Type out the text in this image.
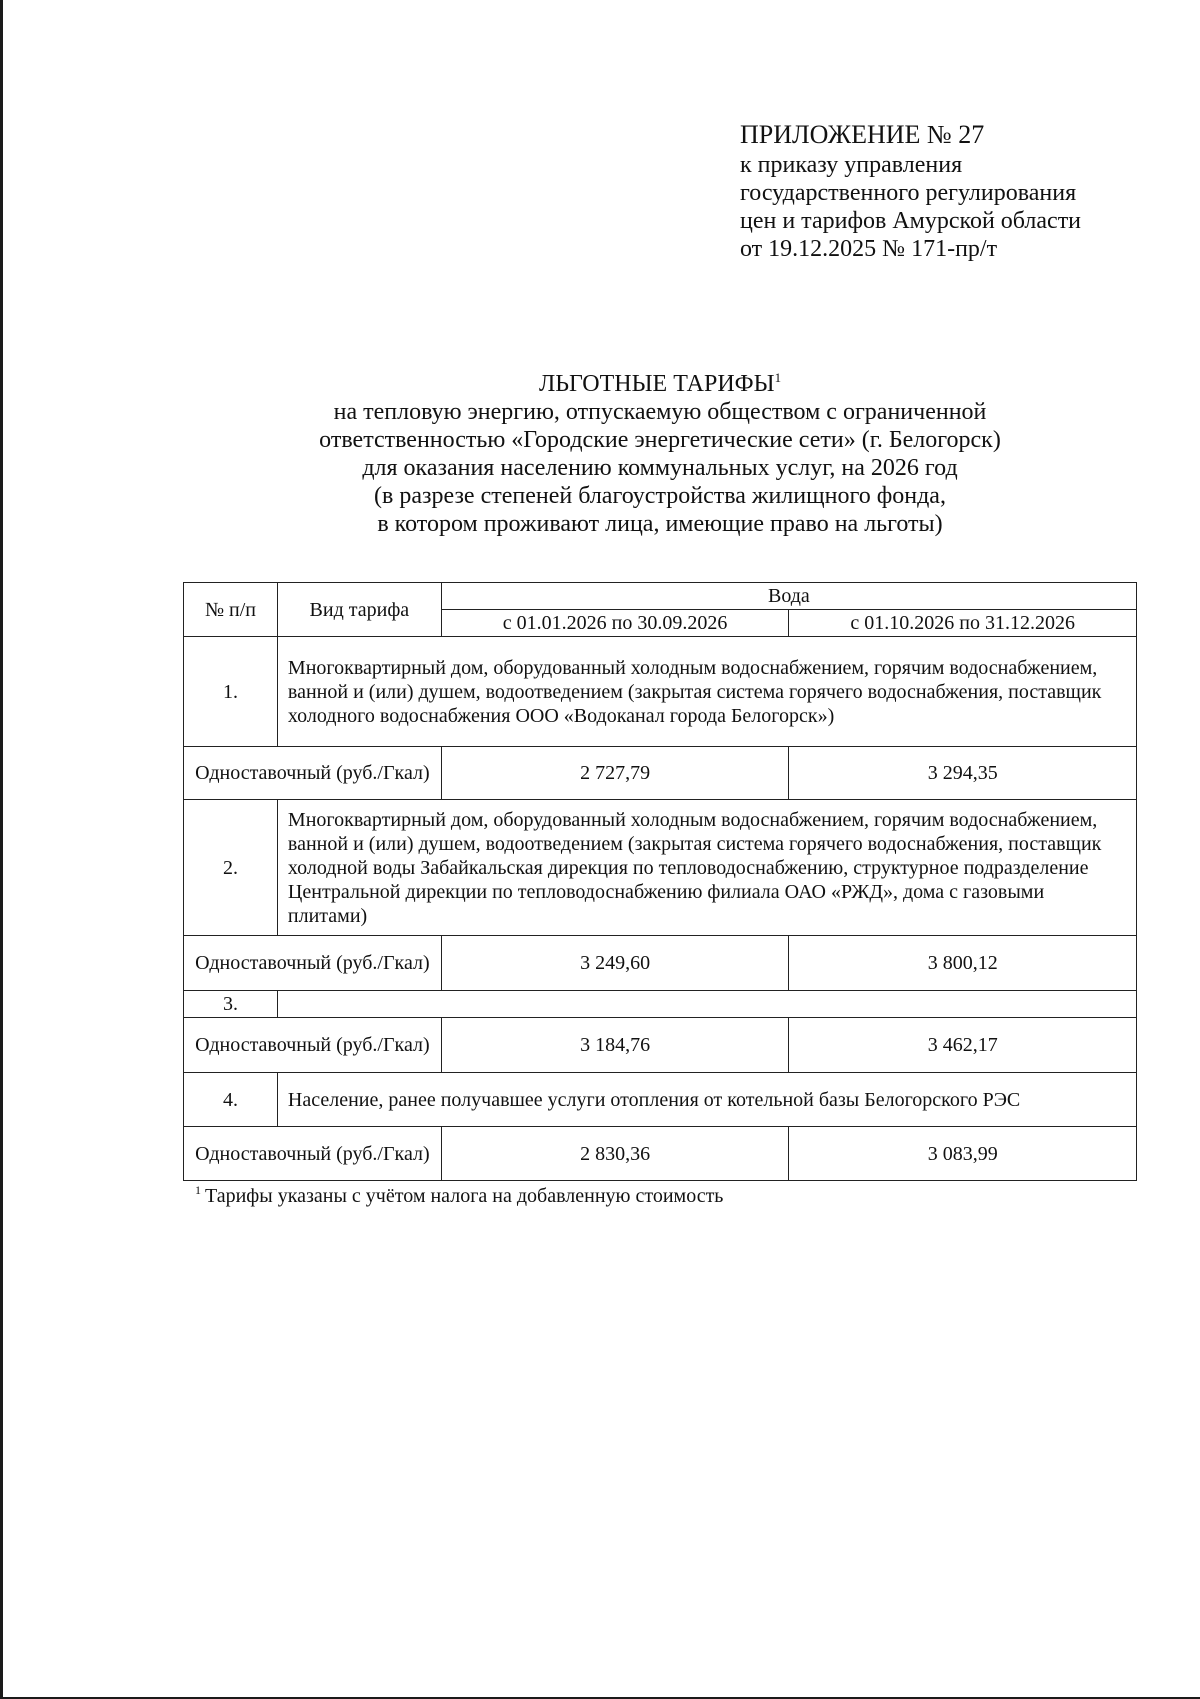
ПРИЛОЖЕНИЕ № 27
к приказу управления
государственного регулирования
цен и тарифов Амурской области
от 19.12.2025 № 171-пр/т
ЛЬГОТНЫЕ ТАРИФЫ$^1$
на тепловую энергию, отпускаемую обществом с ограниченной
ответственностью «Городские энергетические сети» (г. Белогорск)
для оказания населению коммунальных услуг, на 2026 год
(в разрезе степеней благоустройства жилищного фонда,
в котором проживают лица, имеющие право на льготы)
№ п/п	Вид тарифа	Вода	
		с 01.01.2026 по 30.09.2026	с 01.10.2026 по 31.12.2026
1.	Многоквартирный дом, оборудованный холодным водоснабжением, горячим водоснабжением, ванной и (или) душем, водоотведением (закрытая система горячего водоснабжения, поставщик холодного водоснабжения ООО «Водоканал города Белогорск»)		
Одноставочный (руб./Гкал)		2 727,79	3 294,35
2.	Многоквартирный дом, оборудованный холодным водоснабжением, горячим водоснабжением, ванной и (или) душем, водоотведением (закрытая система горячего водоснабжения, поставщик холодной воды Забайкальская дирекция по тепловодоснабжению, структурное подразделение Центральной дирекции по тепловодоснабжению филиала ОАО «РЖД», дома с газовыми плитами)		
Одноставочный (руб./Гкал)		3 249,60	3 800,12
3.			
Одноставочный (руб./Гкал)		3 184,76	3 462,17
4.	Население, ранее получавшее услуги отопления от котельной базы Белогорского РЭС		
Одноставочный (руб./Гкал)		2 830,36	3 083,99
$^1$ Тарифы указаны с учётом налога на добавленную стоимость
